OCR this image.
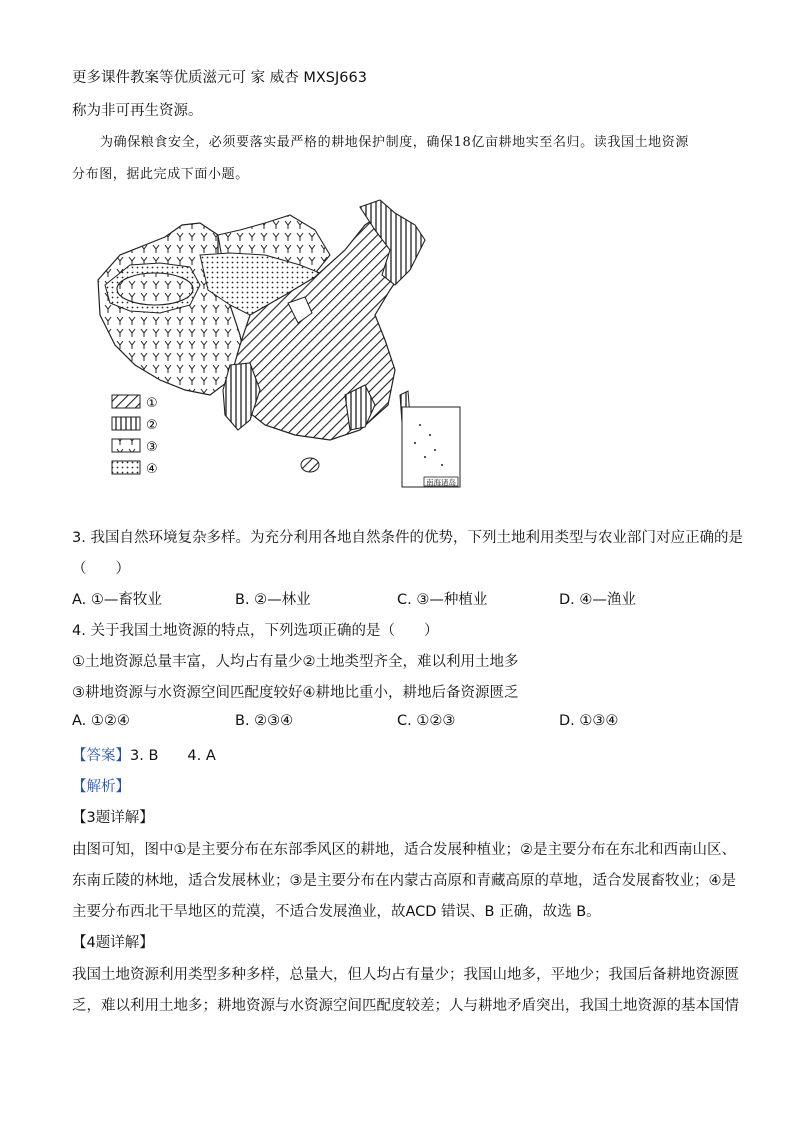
更多课件教案等优质滋元可 家 威杏 MXSJ663
称为非可再生资源。
为确保粮食安全，必须要落实最严格的耕地保护制度，确保18亿亩耕地实至名归。读我国土地资源
分布图，据此完成下面小题。
南海诸岛
①
②
③
④
3. 我国自然环境复杂多样。为充分利用各地自然条件的优势，下列土地利用类型与农业部门对应正确的是
（　　）
A. ①—畜牧业	B. ②—林业	C. ③—种植业	D. ④—渔业
4. 关于我国土地资源的特点，下列选项正确的是（　　）
①土地资源总量丰富，人均占有量少②土地类型齐全，难以利用土地多
③耕地资源与水资源空间匹配度较好④耕地比重小，耕地后备资源匮乏
A. ①②④	B. ②③④	C. ①②③	D. ①③④
【答案】3. B　　4. A
【解析】
【3题详解】
由图可知，图中①是主要分布在东部季风区的耕地，适合发展种植业；②是主要分布在东北和西南山区、
东南丘陵的林地，适合发展林业；③是主要分布在内蒙古高原和青藏高原的草地，适合发展畜牧业；④是
主要分布西北干旱地区的荒漠，不适合发展渔业，故ACD 错误、B 正确，故选 B。
【4题详解】
我国土地资源利用类型多种多样，总量大，但人均占有量少；我国山地多，平地少；我国后备耕地资源匮
乏，难以利用土地多；耕地资源与水资源空间匹配度较差；人与耕地矛盾突出，我国土地资源的基本国情
